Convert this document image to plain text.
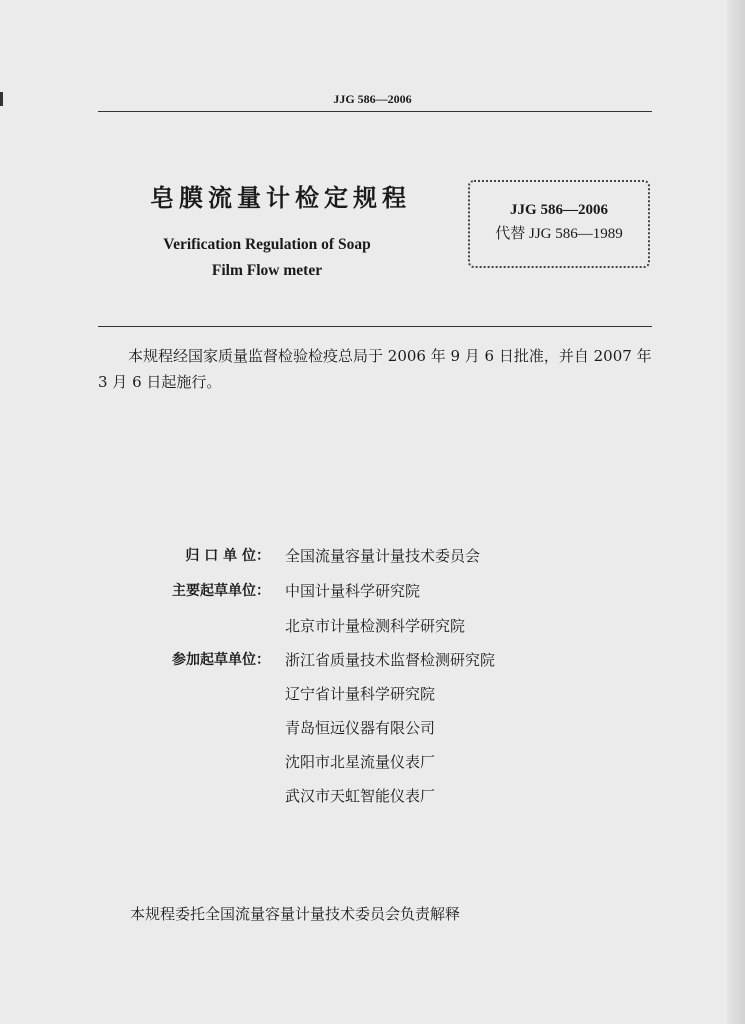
JJG 586—2006
皂膜流量计检定规程
Verification Regulation of Soap
Film Flow meter
JJG 586—2006
代替 JJG 586—1989
本规程经国家质量监督检验检疫总局于 2006 年 9 月 6 日批准，并自 2007 年 3 月 6 日起施行。
归 口 单 位： 全国流量容量计量技术委员会
主要起草单位： 中国计量科学研究院
北京市计量检测科学研究院
参加起草单位： 浙江省质量技术监督检测研究院
辽宁省计量科学研究院
青岛恒远仪器有限公司
沈阳市北星流量仪表厂
武汉市天虹智能仪表厂
本规程委托全国流量容量计量技术委员会负责解释
